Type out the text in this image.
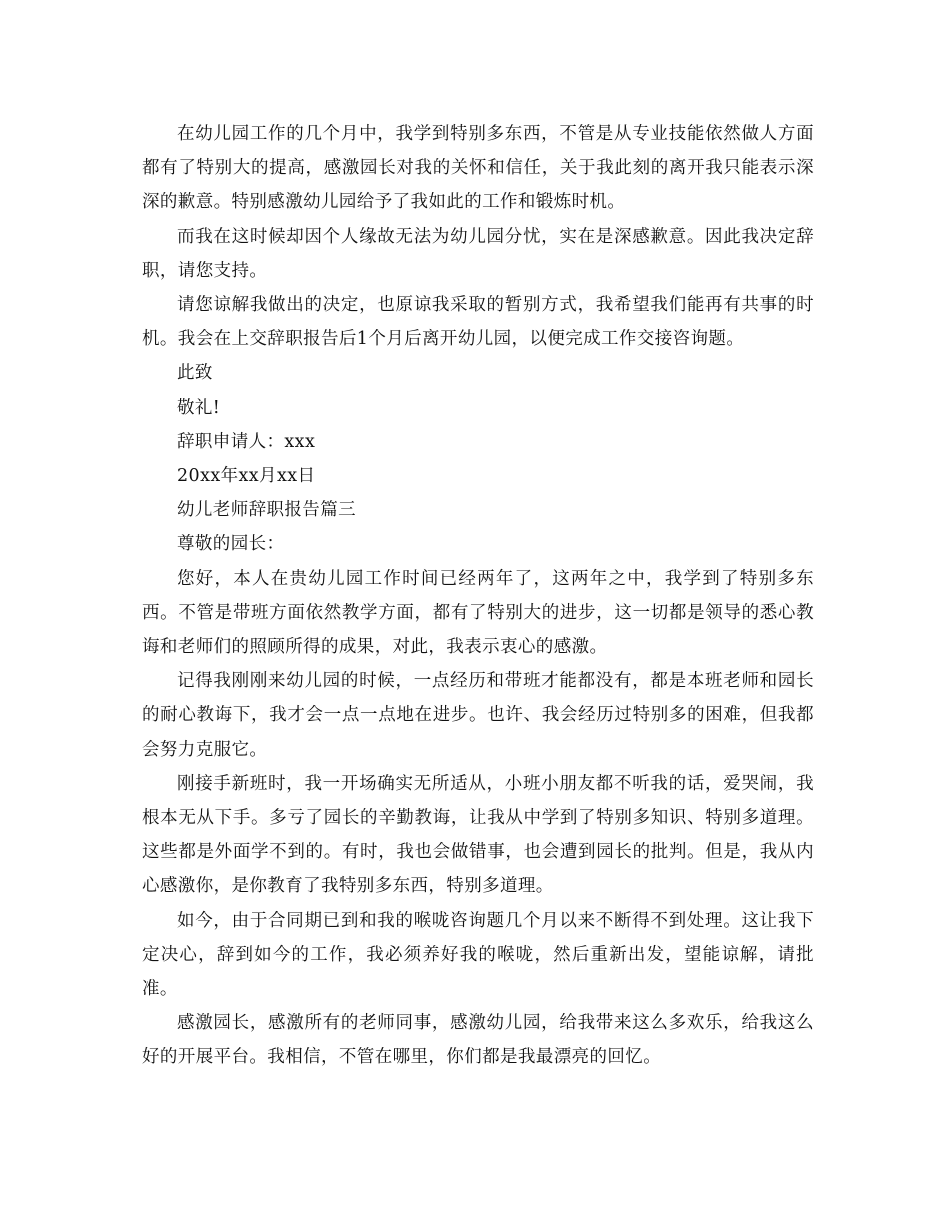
在幼儿园工作的几个月中，我学到特别多东西，不管是从专业技能依然做人方面都有了特别大的提高，感激园长对我的关怀和信任，关于我此刻的离开我只能表示深深的歉意。特别感激幼儿园给予了我如此的工作和锻炼时机。

而我在这时候却因个人缘故无法为幼儿园分忧，实在是深感歉意。因此我决定辞职，请您支持。

请您谅解我做出的决定，也原谅我采取的暂别方式，我希望我们能再有共事的时机。我会在上交辞职报告后1个月后离开幼儿园，以便完成工作交接咨询题。

此致

敬礼!

辞职申请人：xxx

20xx年xx月xx日

幼儿老师辞职报告篇三

尊敬的园长：

您好，本人在贵幼儿园工作时间已经两年了，这两年之中，我学到了特别多东西。不管是带班方面依然教学方面，都有了特别大的进步，这一切都是领导的悉心教诲和老师们的照顾所得的成果，对此，我表示衷心的感激。

记得我刚刚来幼儿园的时候，一点经历和带班才能都没有，都是本班老师和园长的耐心教诲下，我才会一点一点地在进步。也许、我会经历过特别多的困难，但我都会努力克服它。

刚接手新班时，我一开场确实无所适从，小班小朋友都不听我的话，爱哭闹，我根本无从下手。多亏了园长的辛勤教诲，让我从中学到了特别多知识、特别多道理。这些都是外面学不到的。有时，我也会做错事，也会遭到园长的批判。但是，我从内心感激你，是你教育了我特别多东西，特别多道理。

如今，由于合同期已到和我的喉咙咨询题几个月以来不断得不到处理。这让我下定决心，辞到如今的工作，我必须养好我的喉咙，然后重新出发，望能谅解，请批准。

感激园长，感激所有的老师同事，感激幼儿园，给我带来这么多欢乐，给我这么好的开展平台。我相信，不管在哪里，你们都是我最漂亮的回忆。
